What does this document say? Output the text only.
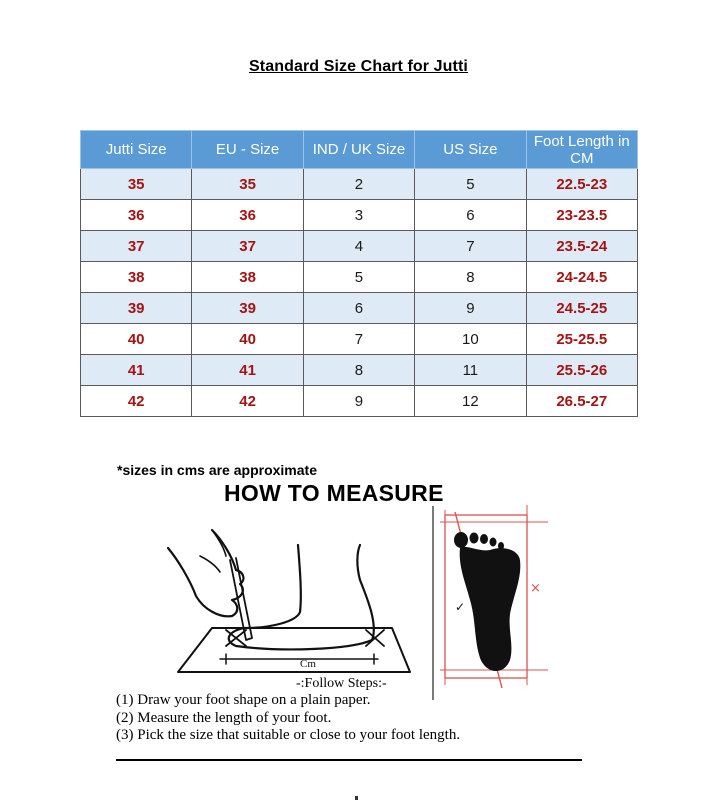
Standard Size Chart for Jutti
Jutti Size	EU - Size	IND / UK Size	US Size	Foot Length in CM
35	35	2	5	22.5-23
36	36	3	6	23-23.5
37	37	4	7	23.5-24
38	38	5	8	24-24.5
39	39	6	9	24.5-25
40	40	7	10	25-25.5
41	41	8	11	25.5-26
42	42	9	12	26.5-27
*sizes in cms are approximate
HOW TO MEASURE
Cm
✓
×
-:Follow Steps:-
(1) Draw your foot shape on a plain paper.
(2) Measure the length of your foot.
(3) Pick the size that suitable or close to your foot length.
